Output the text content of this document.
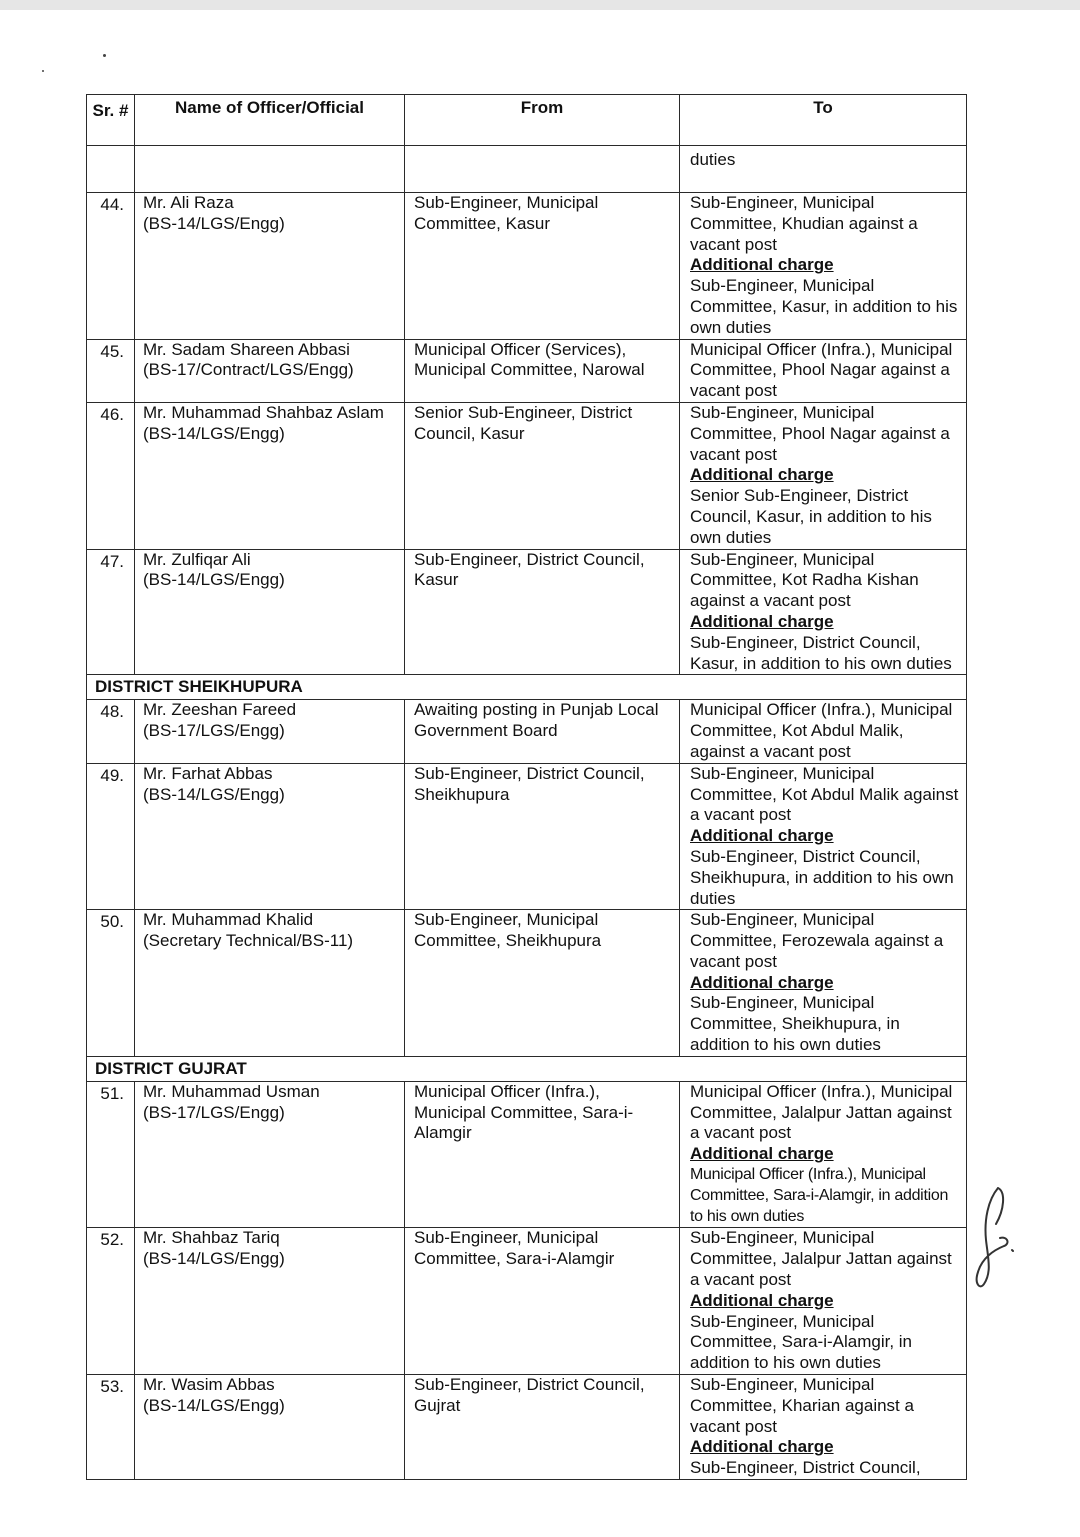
Sr. #	Name of Officer/Official	From	To
			duties
44.	Mr. Ali Raza
(BS-14/LGS/Engg)	Sub-Engineer, Municipal Committee, Kasur	Sub-Engineer, Municipal Committee, Khudian against a vacant post
Additional charge
Sub-Engineer, Municipal Committee, Kasur, in addition to his own duties

45.	Mr. Sadam Shareen Abbasi
(BS-17/Contract/LGS/Engg)	Municipal Officer (Services), Municipal Committee, Narowal	Municipal Officer (Infra.), Municipal Committee, Phool Nagar against a vacant post

46.	Mr. Muhammad Shahbaz Aslam
(BS-14/LGS/Engg)	Senior Sub-Engineer, District Council, Kasur	Sub-Engineer, Municipal Committee, Phool Nagar against a vacant post
Additional charge
Senior Sub-Engineer, District Council, Kasur, in addition to his own duties

47.	Mr. Zulfiqar Ali
(BS-14/LGS/Engg)	Sub-Engineer, District Council, Kasur	Sub-Engineer, Municipal Committee, Kot Radha Kishan against a vacant post
Additional charge
Sub-Engineer, District Council, Kasur, in addition to his own duties

DISTRICT SHEIKHUPURA			
48.	Mr. Zeeshan Fareed
(BS-17/LGS/Engg)	Awaiting posting in Punjab Local Government Board	Municipal Officer (Infra.), Municipal Committee, Kot Abdul Malik, against a vacant post

49.	Mr. Farhat Abbas
(BS-14/LGS/Engg)	Sub-Engineer, District Council, Sheikhupura	Sub-Engineer, Municipal Committee, Kot Abdul Malik against a vacant post
Additional charge
Sub-Engineer, District Council, Sheikhupura, in addition to his own duties

50.	Mr. Muhammad Khalid
(Secretary Technical/BS-11)	Sub-Engineer, Municipal Committee, Sheikhupura	Sub-Engineer, Municipal Committee, Ferozewala against a vacant post
Additional charge
Sub-Engineer, Municipal Committee, Sheikhupura, in addition to his own duties

DISTRICT GUJRAT			
51.	Mr. Muhammad Usman
(BS-17/LGS/Engg)	Municipal Officer (Infra.), Municipal Committee, Sara-i-Alamgir	Municipal Officer (Infra.), Municipal Committee, Jalalpur Jattan against a vacant post
Additional charge
Municipal Officer (Infra.), Municipal Committee, Sara-i-Alamgir, in addition to his own duties

52.	Mr. Shahbaz Tariq
(BS-14/LGS/Engg)	Sub-Engineer, Municipal Committee, Sara-i-Alamgir	Sub-Engineer, Municipal Committee, Jalalpur Jattan against a vacant post
Additional charge
Sub-Engineer, Municipal Committee, Sara-i-Alamgir, in addition to his own duties

53.	Mr. Wasim Abbas
(BS-14/LGS/Engg)	Sub-Engineer, District Council, Gujrat	Sub-Engineer, Municipal Committee, Kharian against a vacant post
Additional charge
Sub-Engineer, District Council,
